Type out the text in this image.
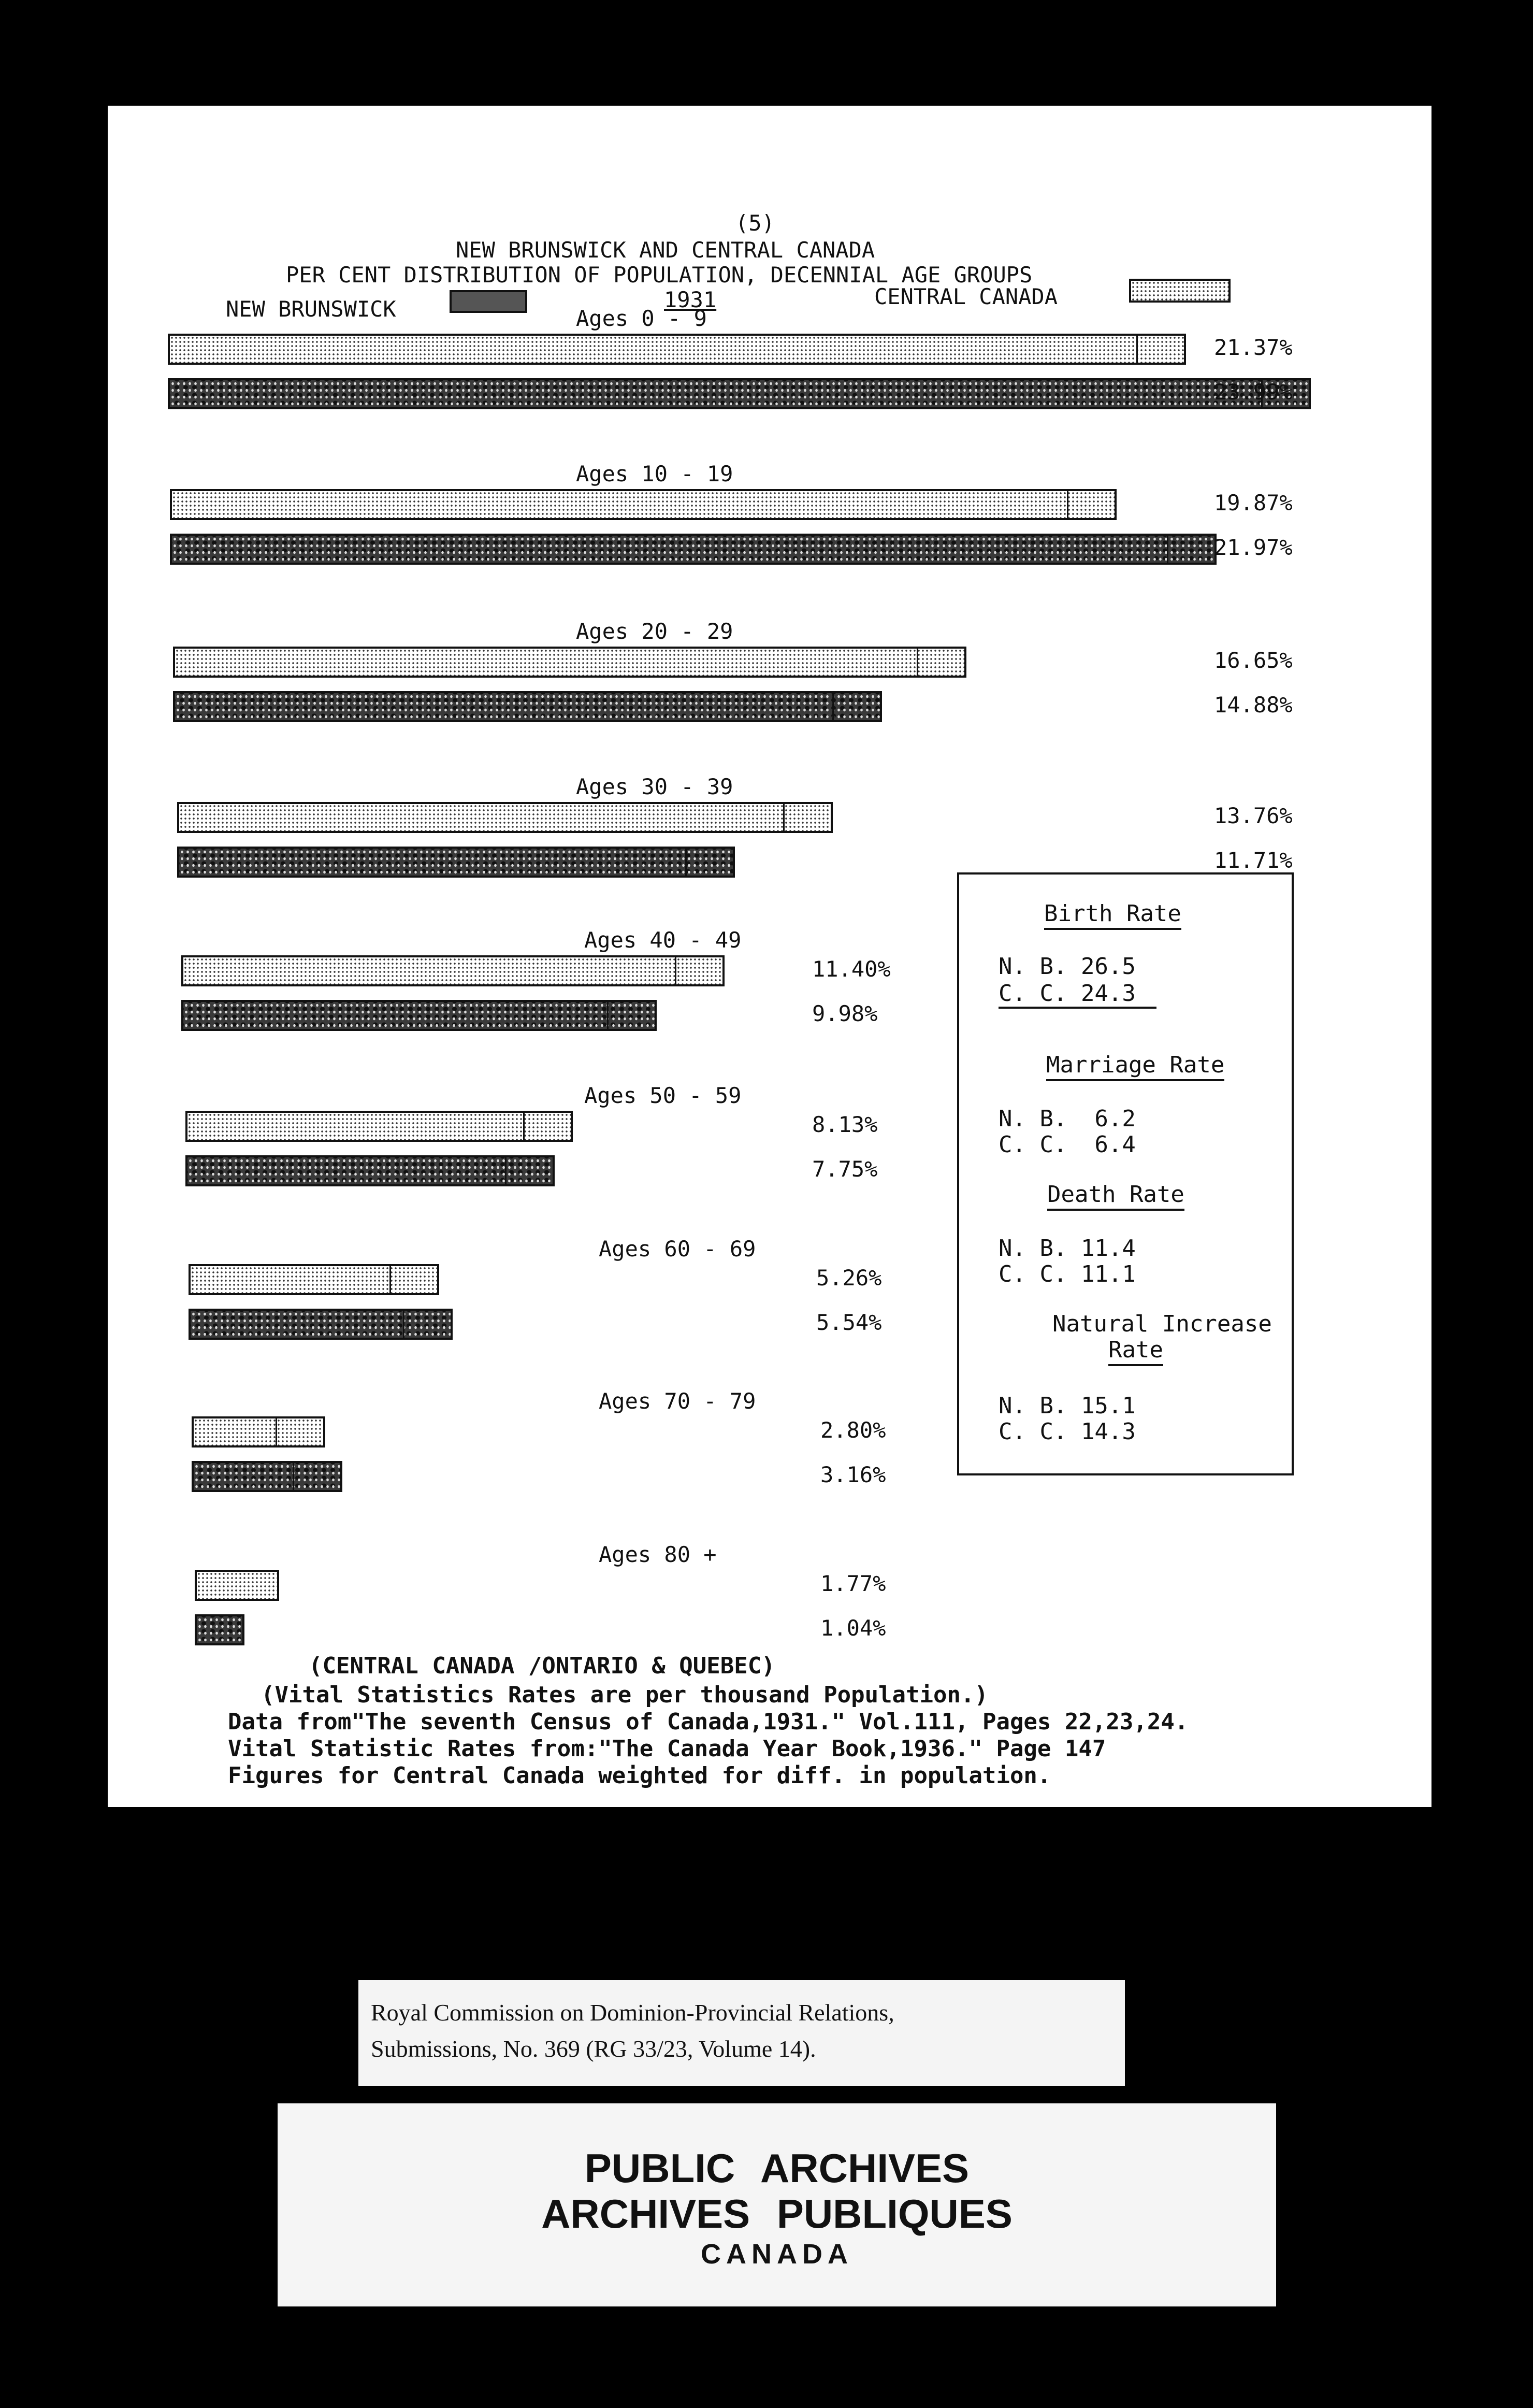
(5)
NEW BRUNSWICK AND CENTRAL CANADA
PER CENT DISTRIBUTION OF POPULATION, DECENNIAL AGE GROUPS
1931
NEW BRUNSWICK	CENTRAL CANADA
Birth Rate
N. B. 26.5
C. C. 24.3
Marriage Rate
N. B.  6.2
C. C.  6.4
Death Rate
N. B. 11.4
C. C. 11.1
Natural Increase
Rate
N. B. 15.1
C. C. 14.3
(CENTRAL CANADA /ONTARIO & QUEBEC)
(Vital Statistics Rates are per thousand Population.)
Data from"The seventh Census of Canada,1931." Vol.111, Pages 22,23,24.
Vital Statistic Rates from:"The Canada Year Book,1936." Page 147
Figures for Central Canada weighted for diff. in population.
Ages 0 - 9
21.37%
23.99%
Ages 10 - 19
19.87%
21.97%
Ages 20 - 29
16.65%
14.88%
Ages 30 - 39
13.76%
11.71%
Ages 40 - 49
11.40%
9.98%
Ages 50 - 59
8.13%
7.75%
Ages 60 - 69
5.26%
5.54%
Ages 70 - 79
2.80%
3.16%
Ages 80 +
1.77%
1.04%
Royal Commission on Dominion-Provincial Relations,
Submissions, No. 369 (RG 33/23, Volume 14).
PUBLIC ARCHIVES
ARCHIVES PUBLIQUES
CANADA
